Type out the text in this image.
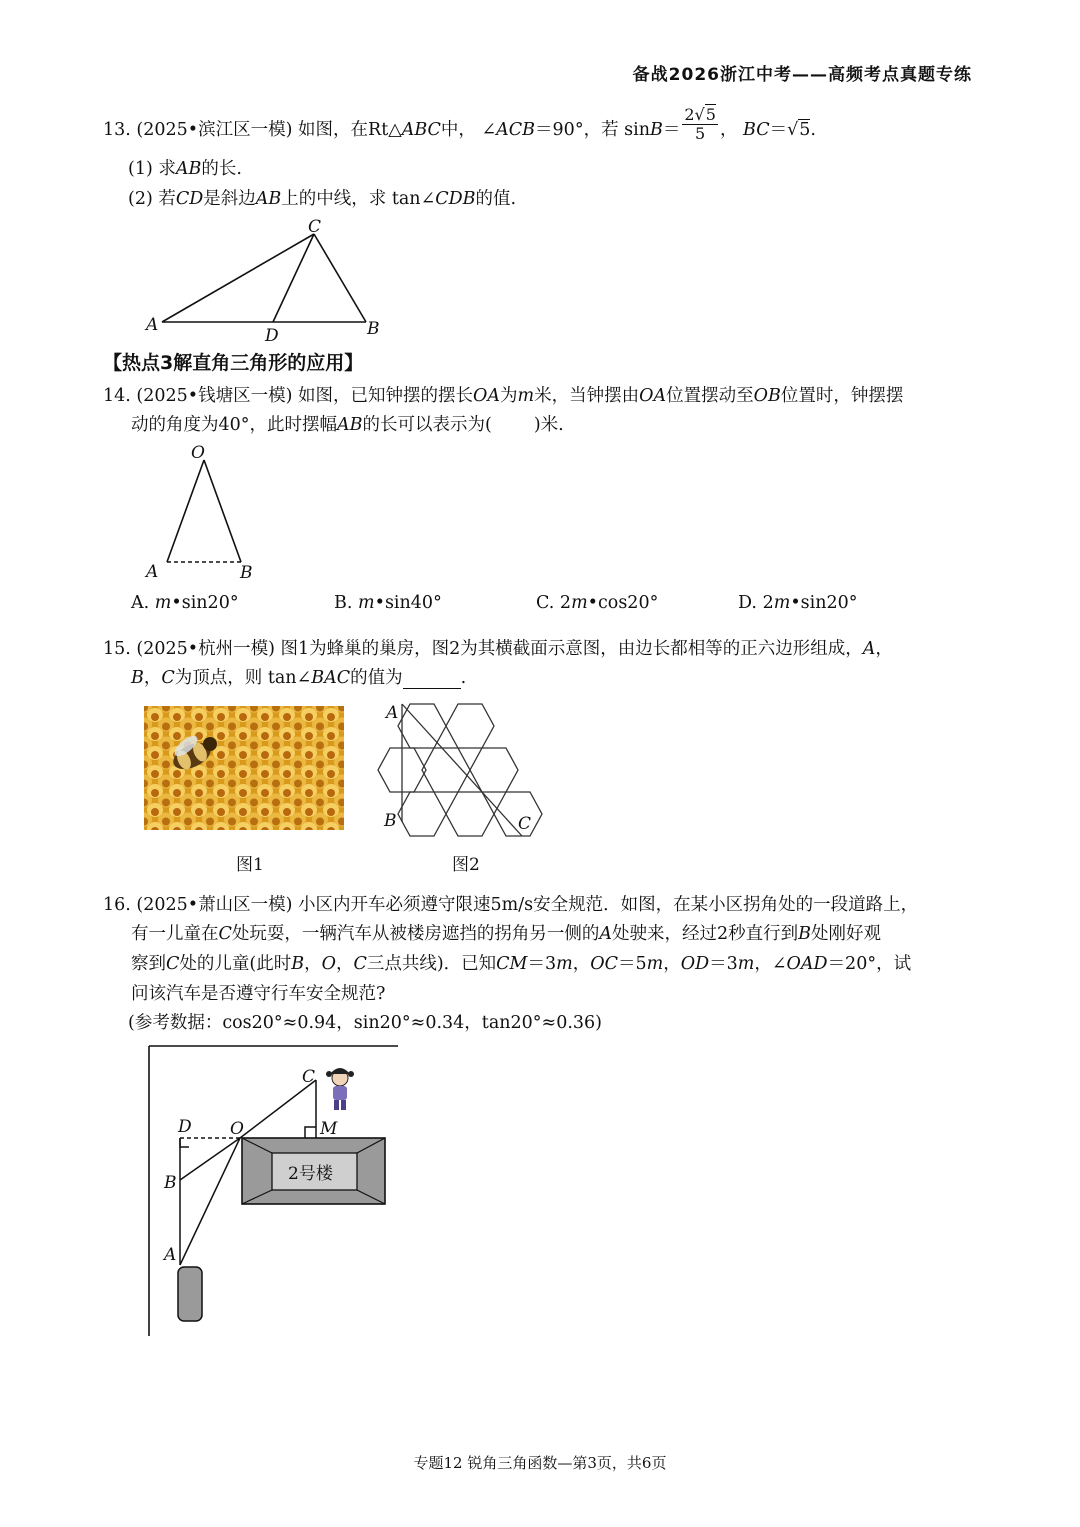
备战2026浙江中考——高频考点真题专练
13. (2025•滨江区一模) 如图，在Rt△ABC中， ∠ACB＝90°，若 $\sin B= \frac{2√5}{5}$ ， BC＝√5.
(1) 求AB的长.
(2) 若CD是斜边AB上的中线，求 tan∠CDB的值.
C
A	B
D
【热点3解直角三角形的应用】
14. (2025•钱塘区一模) 如图，已知钟摆的摆长OA为m米，当钟摆由OA位置摆动至OB位置时，钟摆摆
动的角度为40°，此时摆幅AB的长可以表示为( )米.
O
A	B
A. m•sin20°	B. m•sin40°	C. 2m•cos20°	D. 2m•sin20°
15. (2025•杭州一模) 图1为蜂巢的巢房，图2为其横截面示意图，由边长都相等的正六边形组成，A，
B，C为顶点，则 tan∠BAC的值为	.
图1
A
B	C
图2
16. (2025•萧山区一模) 小区内开车必须遵守限速5m/s安全规范．如图，在某小区拐角处的一段道路上，
有一儿童在C处玩耍，一辆汽车从被楼房遮挡的拐角另一侧的A处驶来，经过2秒直行到B处刚好观
察到C处的儿童(此时B，O，C三点共线)．已知CM＝3m，OC＝5m，OD＝3m，∠OAD＝20°，试
问该汽车是否遵守行车安全规范?
(参考数据：cos20°≈0.94，sin20°≈0.34，tan20°≈0.36)
2号楼
C
M
D O
B
A
专题12 锐角三角函数—第3页，共6页
